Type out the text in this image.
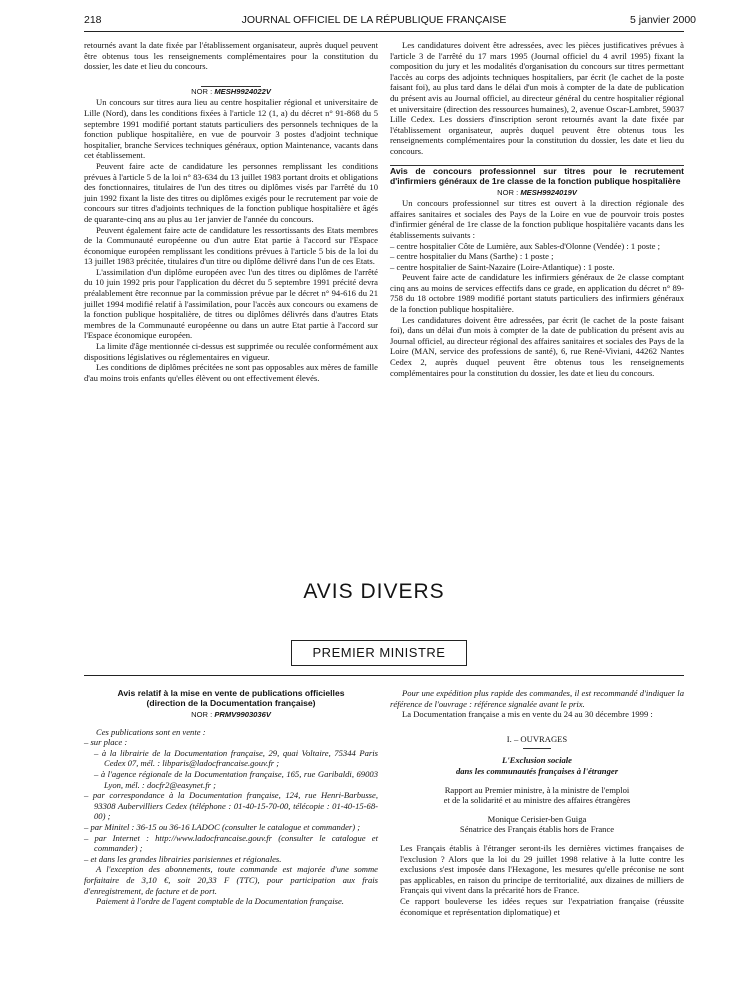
218	JOURNAL OFFICIEL DE LA RÉPUBLIQUE FRANÇAISE	5 janvier 2000

retournés avant la date fixée par l'établissement organisateur, auprès duquel peuvent être obtenus tous les renseignements complémentaires pour la constitution du dossier, les date et lieu du concours.

NOR : MESH9924022V

Un concours sur titres aura lieu au centre hospitalier régional et universitaire de Lille (Nord), dans les conditions fixées à l'article 12 (1, a) du décret n° 91-868 du 5 septembre 1991 modifié portant statuts particuliers des personnels techniques de la fonction publique hospitalière, en vue de pourvoir 3 postes d'adjoint technique hospitalier, branche Services techniques généraux, option Maintenance, vacants dans cet établissement.

Peuvent faire acte de candidature les personnes remplissant les conditions prévues à l'article 5 de la loi n° 83-634 du 13 juillet 1983 portant droits et obligations des fonctionnaires, titulaires de l'un des titres ou diplômes visés par l'arrêté du 10 juin 1992 fixant la liste des titres ou diplômes exigés pour le recrutement par voie de concours sur titres d'adjoints techniques de la fonction publique hospitalière et âgés de quarante-cinq ans au plus au 1er janvier de l'année du concours.

Peuvent également faire acte de candidature les ressortissants des Etats membres de la Communauté européenne ou d'un autre Etat partie à l'accord sur l'Espace économique européen remplissant les conditions prévues à l'article 5 bis de la loi du 13 juillet 1983 précitée, titulaires d'un titre ou diplôme délivré dans l'un de ces Etats.

L'assimilation d'un diplôme européen avec l'un des titres ou diplômes de l'arrêté du 10 juin 1992 pris pour l'application du décret du 5 septembre 1991 précité devra préalablement être reconnue par la commission prévue par le décret n° 94-616 du 21 juillet 1994 modifié relatif à l'assimilation, pour l'accès aux concours ou examens de la fonction publique hospitalière, de titres ou diplômes délivrés dans d'autres Etats membres de la Communauté européenne ou dans un autre Etat partie à l'accord sur l'Espace économique européen.

La limite d'âge mentionnée ci-dessus est supprimée ou reculée conformément aux dispositions législatives ou réglementaires en vigueur.

Les conditions de diplômes précitées ne sont pas opposables aux mères de famille d'au moins trois enfants qu'elles élèvent ou ont effectivement élevés.

Les candidatures doivent être adressées, avec les pièces justificatives prévues à l'article 3 de l'arrêté du 17 mars 1995 (Journal officiel du 4 avril 1995) fixant la composition du jury et les modalités d'organisation du concours sur titres permettant l'accès au corps des adjoints techniques hospitaliers, par écrit (le cachet de la poste faisant foi), au plus tard dans le délai d'un mois à compter de la date de publication du présent avis au Journal officiel, au directeur général du centre hospitalier régional et universitaire (direction des ressources humaines), 2, avenue Oscar-Lambret, 59037 Lille Cedex. Les dossiers d'inscription seront retournés avant la date fixée par l'établissement organisateur, auprès duquel peuvent être obtenus tous les renseignements complémentaires pour la constitution du dossier, les date et lieu du concours.

Avis de concours professionnel sur titres pour le recrutement d'infirmiers généraux de 1re classe de la fonction publique hospitalière

NOR : MESH9924019V

Un concours professionnel sur titres est ouvert à la direction régionale des affaires sanitaires et sociales des Pays de la Loire en vue de pourvoir trois postes d'infirmier général de 1re classe de la fonction publique hospitalière vacants dans les établissements suivants :

– centre hospitalier Côte de Lumière, aux Sables-d'Olonne (Vendée) : 1 poste ;
– centre hospitalier du Mans (Sarthe) : 1 poste ;
– centre hospitalier de Saint-Nazaire (Loire-Atlantique) : 1 poste.

Peuvent faire acte de candidature les infirmiers généraux de 2e classe comptant cinq ans au moins de services effectifs dans ce grade, en application du décret n° 89-758 du 18 octobre 1989 modifié portant statuts particuliers des infirmiers généraux de la fonction publique hospitalière.

Les candidatures doivent être adressées, par écrit (le cachet de la poste faisant foi), dans un délai d'un mois à compter de la date de publication du présent avis au Journal officiel, au directeur régional des affaires sanitaires et sociales des Pays de la Loire (MAN, service des professions de santé), 6, rue René-Viviani, 44262 Nantes Cedex 2, auprès duquel peuvent être obtenus tous les renseignements complémentaires pour la constitution du dossier, les date et lieu du concours.

AVIS DIVERS
PREMIER MINISTRE
Avis relatif à la mise en vente de publications officielles
(direction de la Documentation française)

NOR : PRMV9903036V

Ces publications sont en vente :

– sur place :
– à la librairie de la Documentation française, 29, quai Voltaire, 75344 Paris Cedex 07, mél. : libparis@ladocfrancaise.gouv.fr ;
– à l'agence régionale de la Documentation française, 165, rue Garibaldi, 69003 Lyon, mél. : docfr2@easynet.fr ;
– par correspondance à la Documentation française, 124, rue Henri-Barbusse, 93308 Aubervilliers Cedex (téléphone : 01-40-15-70-00, télécopie : 01-40-15-68-00) ;
– par Minitel : 36-15 ou 36-16 LADOC (consulter le catalogue et commander) ;
– par Internet : http://www.ladocfrancaise.gouv.fr (consulter le catalogue et commander) ;
– et dans les grandes librairies parisiennes et régionales.

A l'exception des abonnements, toute commande est majorée d'une somme forfaitaire de 3,10 €, soit 20,33 F (TTC), pour participation aux frais d'enregistrement, de facture et de port.

Paiement à l'ordre de l'agent comptable de la Documentation française.

Pour une expédition plus rapide des commandes, il est recommandé d'indiquer la référence de l'ouvrage : référence signalée avant le prix.

La Documentation française a mis en vente du 24 au 30 décembre 1999 :

I. – OUVRAGES

L'Exclusion sociale

dans les communautés françaises à l'étranger

Rapport au Premier ministre, à la ministre de l'emploi

et de la solidarité et au ministre des affaires étrangères

Monique Cerisier-ben Guiga

Sénatrice des Français établis hors de France

Les Français établis à l'étranger seront-ils les dernières victimes françaises de l'exclusion ? Alors que la loi du 29 juillet 1998 relative à la lutte contre les exclusions s'est imposée dans l'Hexagone, les mesures qu'elle préconise ne sont pas applicables, en raison du principe de territorialité, aux dizaines de milliers de Français qui vivent dans la précarité hors de France.

Ce rapport bouleverse les idées reçues sur l'expatriation française (réussite économique et représentation diplomatique) et
